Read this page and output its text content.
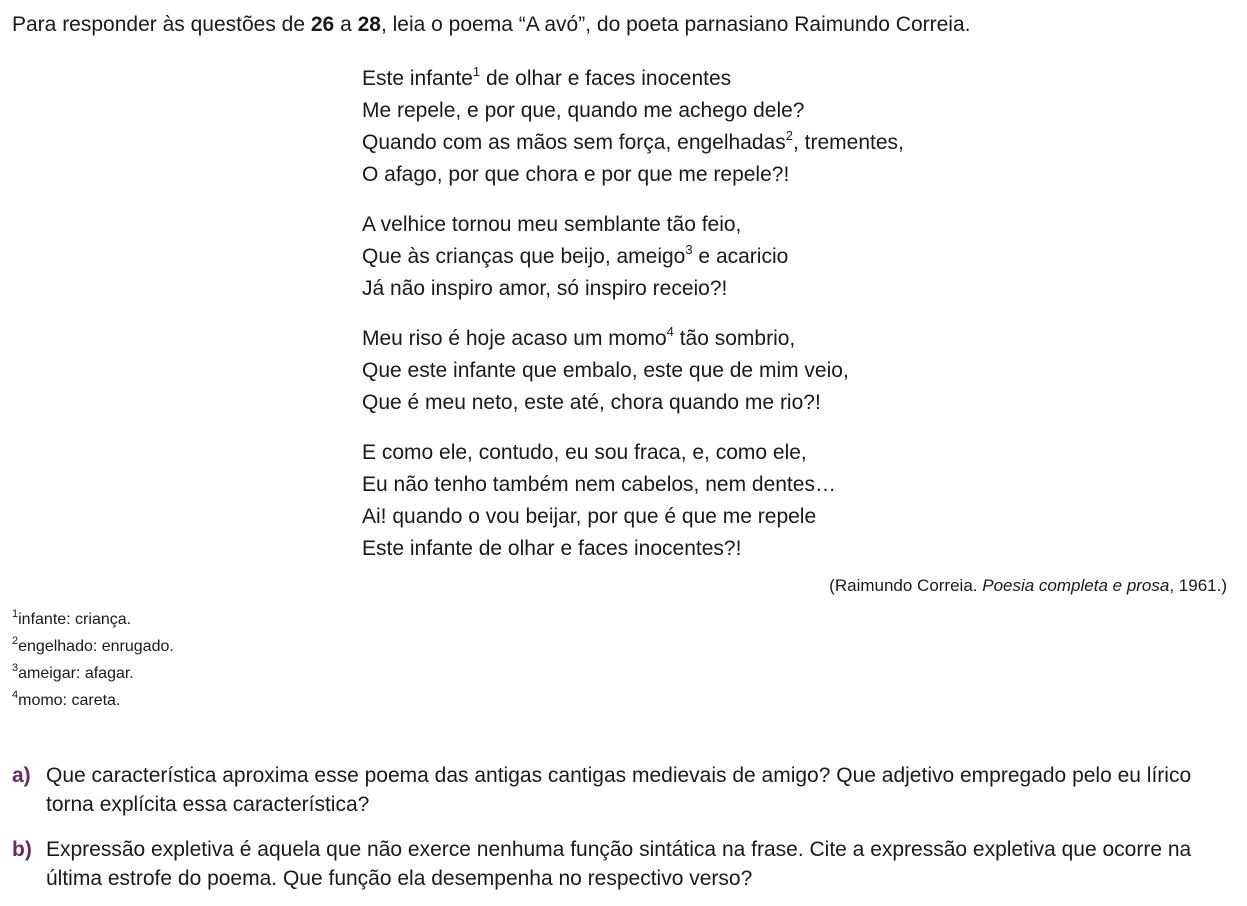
Para responder às questões de 26 a 28, leia o poema “A avó”, do poeta parnasiano Raimundo Correia.

Este infante$^1$ de olhar e faces inocentes
Me repele, e por que, quando me achego dele?
Quando com as mãos sem força, engelhadas$^2$, trementes,
O afago, por que chora e por que me repele?!
A velhice tornou meu semblante tão feio,
Que às crianças que beijo, ameigo$^3$ e acaricio
Já não inspiro amor, só inspiro receio?!
Meu riso é hoje acaso um momo$^4$ tão sombrio,
Que este infante que embalo, este que de mim veio,
Que é meu neto, este até, chora quando me rio?!
E como ele, contudo, eu sou fraca, e, como ele,
Eu não tenho também nem cabelos, nem dentes…
Ai! quando o vou beijar, por que é que me repele
Este infante de olhar e faces inocentes?!
(Raimundo Correia. Poesia completa e prosa, 1961.)
$^1$infante: criança.
$^2$engelhado: enrugado.
$^3$ameigar: afagar.
$^4$momo: careta.
a) Que característica aproxima esse poema das antigas cantigas medievais de amigo? Que adjetivo empregado pelo eu lírico torna explícita essa característica?
b) Expressão expletiva é aquela que não exerce nenhuma função sintática na frase. Cite a expressão expletiva que ocorre na última estrofe do poema. Que função ela desempenha no respectivo verso?
